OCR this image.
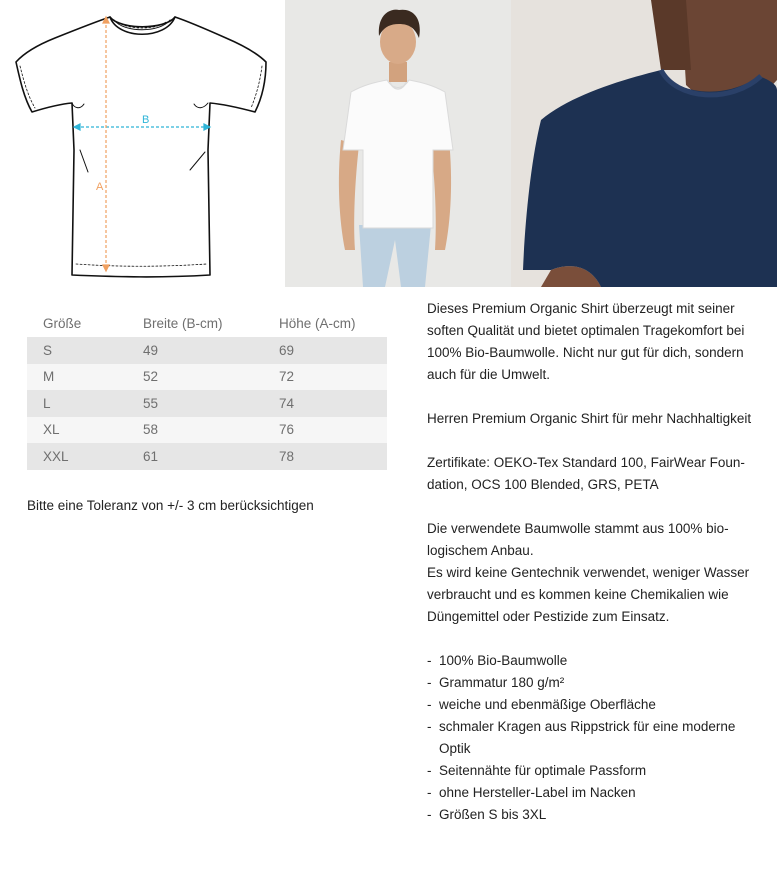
B
A
Größe	Breite (B-cm)	Höhe (A-cm)
S	49	69
M	52	72
L	55	74
XL	58	76
XXL	61	78
Bitte eine Toleranz von +/- 3 cm berücksichtigen

Dieses Premium Organic Shirt überzeugt mit seiner soften Qualität und bietet optimalen Tragekomfort bei 100% Bio-Baumwolle. Nicht nur gut für dich, sondern auch für die Umwelt.

Herren Premium Organic Shirt für mehr Nachhaltigkeit

Zertifikate: OEKO-Tex Standard 100, FairWear Foundation, OCS 100 Blended, GRS, PETA

Die verwendete Baumwolle stammt aus 100% biologischem Anbau.

Es wird keine Gentechnik verwendet, weniger Wasser verbraucht und es kommen keine Chemikalien wie Düngemittel oder Pestizide zum Einsatz.

- 100% Bio-Baumwolle
- Grammatur 180 g/m²
- weiche und ebenmäßige Oberfläche
- schmaler Kragen aus Rippstrick für eine moderne Optik
- Seitennähte für optimale Passform
- ohne Hersteller-Label im Nacken
- Größen S bis 3XL
